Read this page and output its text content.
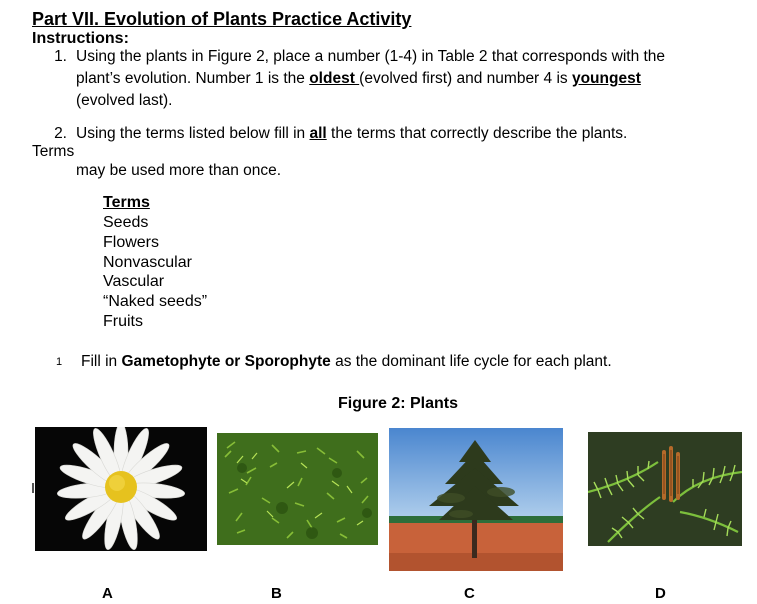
Part VII. Evolution of Plants Practice Activity
Instructions:
1. Using the plants in Figure 2, place a number (1-4) in Table 2 that corresponds with the
plant’s evolution. Number 1 is the oldest (evolved first) and number 4 is youngest
(evolved last).
2. Using the terms listed below fill in all the terms that correctly describe the plants.
Terms
may be used more than once.
Terms
Seeds
Flowers
Nonvascular
Vascular
“Naked seeds”
Fruits
1 Fill in Gametophyte or Sporophyte as the dominant life cycle for each plant.
Figure 2: Plants
A	B	C	D
